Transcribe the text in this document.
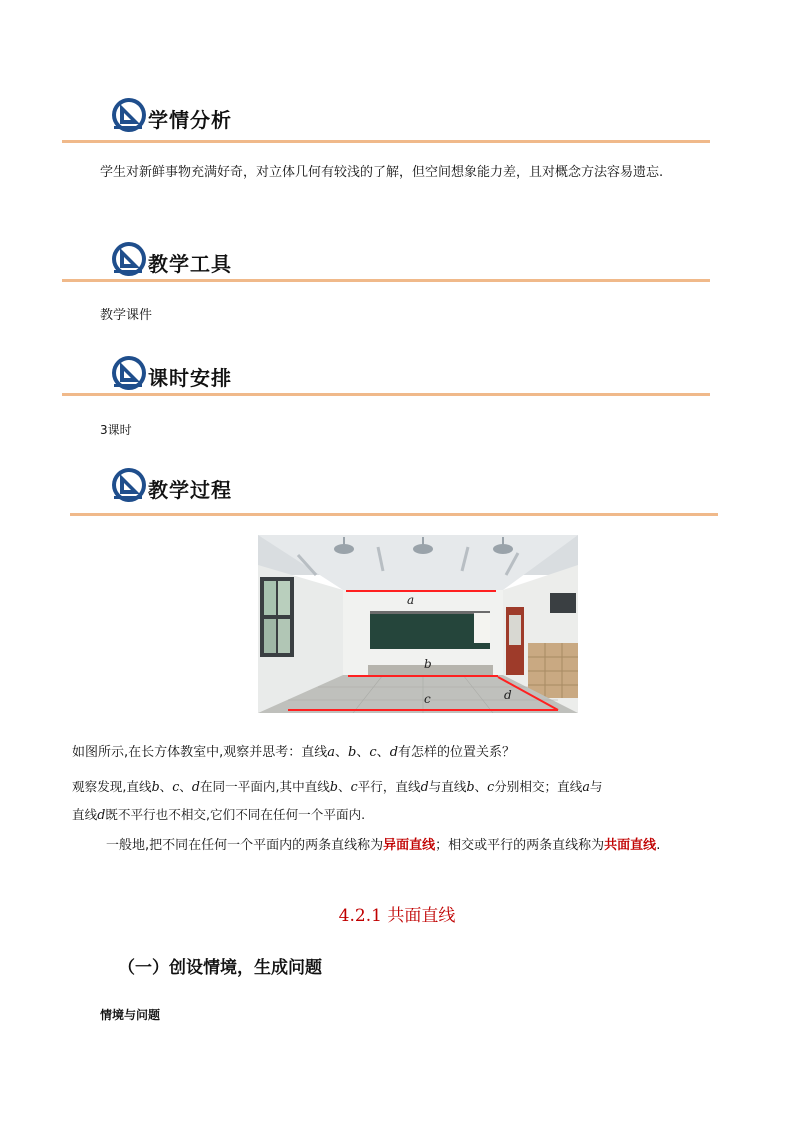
学情分析
学生对新鲜事物充满好奇，对立体几何有较浅的了解，但空间想象能力差，且对概念方法容易遗忘.
教学工具
教学课件
课时安排
3课时
教学过程
a
b
c	d
如图所示,在长方体教室中,观察并思考：直线a、b、c、d有怎样的位置关系？
观察发现,直线b、c、d在同一平面内,其中直线b、c平行，直线d与直线b、c分别相交；直线a与
直线d既不平行也不相交,它们不同在任何一个平面内.
一般地,把不同在任何一个平面内的两条直线称为异面直线；相交或平行的两条直线称为共面直线.
4.2.1 共面直线
（一）创设情境，生成问题
情境与问题
